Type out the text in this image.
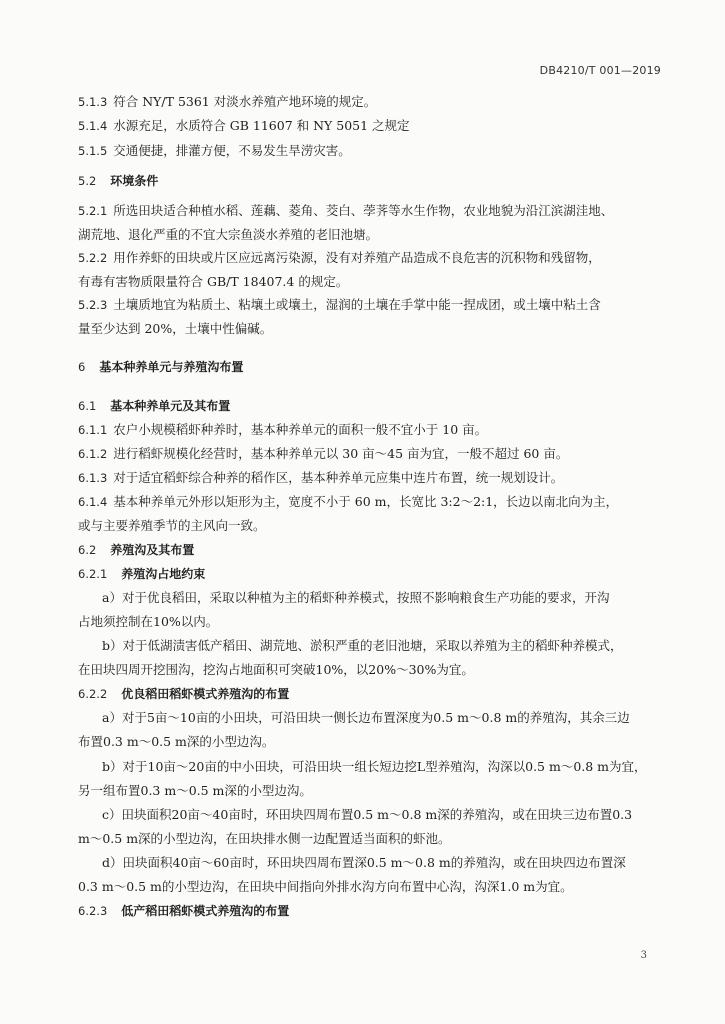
DB4210/T 001—2019
5.1.3 符合 NY/T 5361 对淡水养殖产地环境的规定。
5.1.4 水源充足，水质符合 GB 11607 和 NY 5051 之规定
5.1.5 交通便捷，排灌方便，不易发生旱涝灾害。
5.2 环境条件
5.2.1 所选田块适合种植水稻、莲藕、菱角、茭白、荸荠等水生作物，农业地貌为沿江滨湖洼地、
湖荒地、退化严重的不宜大宗鱼淡水养殖的老旧池塘。
5.2.2 用作养虾的田块或片区应远离污染源，没有对养殖产品造成不良危害的沉积物和残留物，
有毒有害物质限量符合 GB/T 18407.4 的规定。
5.2.3 土壤质地宜为粘质土、粘壤土或壤土，湿润的土壤在手掌中能一捏成团，或土壤中粘土含
量至少达到 20%，土壤中性偏碱。
6 基本种养单元与养殖沟布置
6.1 基本种养单元及其布置
6.1.1 农户小规模稻虾种养时，基本种养单元的面积一般不宜小于 10 亩。
6.1.2 进行稻虾规模化经营时，基本种养单元以 30 亩～45 亩为宜，一般不超过 60 亩。
6.1.3 对于适宜稻虾综合种养的稻作区，基本种养单元应集中连片布置，统一规划设计。
6.1.4 基本种养单元外形以矩形为主，宽度不小于 60 m，长宽比 3:2～2:1，长边以南北向为主，
或与主要养殖季节的主风向一致。
6.2 养殖沟及其布置
6.2.1 养殖沟占地约束
a）对于优良稻田，采取以种植为主的稻虾种养模式，按照不影响粮食生产功能的要求，开沟
占地须控制在10%以内。
b）对于低湖渍害低产稻田、湖荒地、淤积严重的老旧池塘，采取以养殖为主的稻虾种养模式，
在田块四周开挖围沟，挖沟占地面积可突破10%，以20%～30%为宜。
6.2.2 优良稻田稻虾模式养殖沟的布置
a）对于5亩～10亩的小田块，可沿田块一侧长边布置深度为0.5 m～0.8 m的养殖沟，其余三边
布置0.3 m～0.5 m深的小型边沟。
b）对于10亩～20亩的中小田块，可沿田块一组长短边挖L型养殖沟，沟深以0.5 m～0.8 m为宜，
另一组布置0.3 m～0.5 m深的小型边沟。
c）田块面积20亩～40亩时，环田块四周布置0.5 m～0.8 m深的养殖沟，或在田块三边布置0.3
m～0.5 m深的小型边沟，在田块排水侧一边配置适当面积的虾池。
d）田块面积40亩～60亩时，环田块四周布置深0.5 m～0.8 m的养殖沟，或在田块四边布置深
0.3 m～0.5 m的小型边沟，在田块中间指向外排水沟方向布置中心沟，沟深1.0 m为宜。
6.2.3 低产稻田稻虾模式养殖沟的布置
3
